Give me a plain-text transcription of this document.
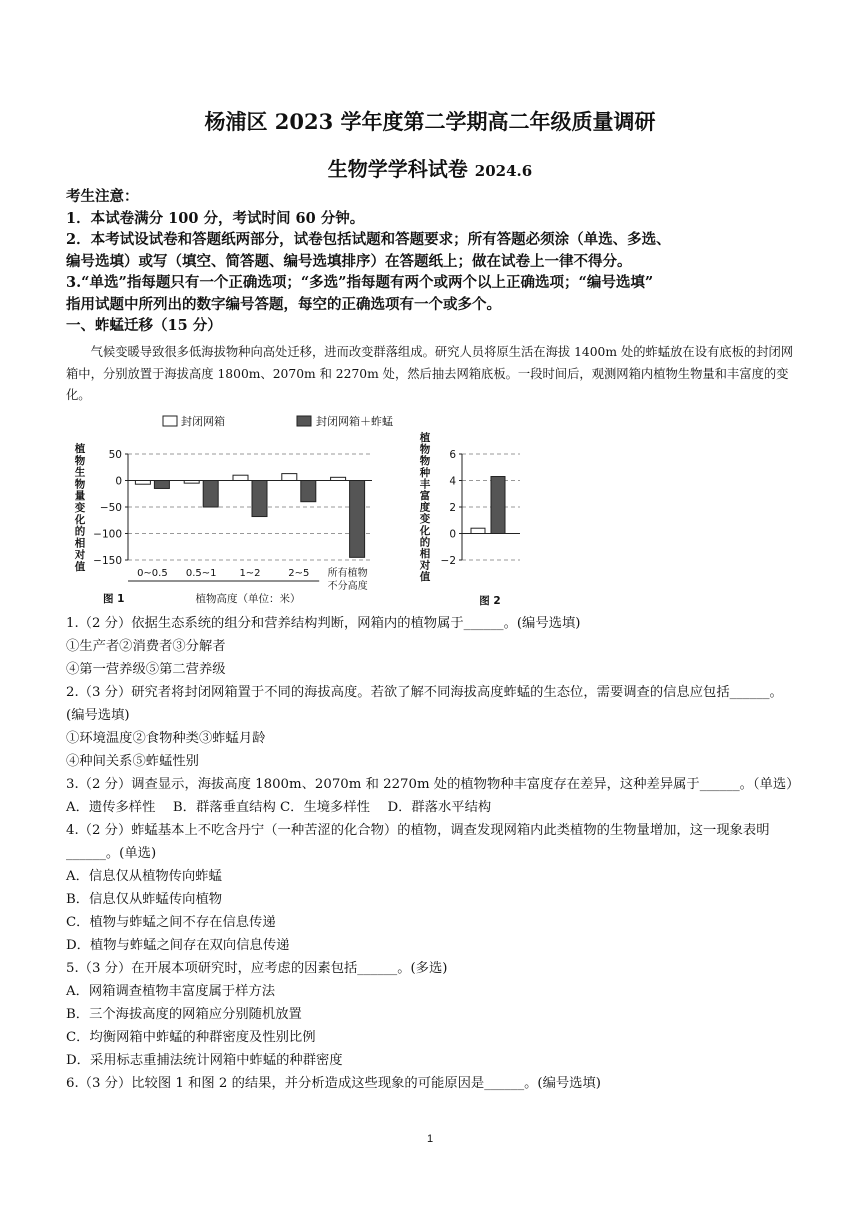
杨浦区 2023 学年度第二学期高二年级质量调研
生物学学科试卷 2024.6

考生注意：

1．本试卷满分 100 分，考试时间 60 分钟。

2．本考试设试卷和答题纸两部分，试卷包括试题和答题要求；所有答题必须涂（单选、多选、

编号选填）或写（填空、简答题、编号选填排序）在答题纸上；做在试卷上一律不得分。

3.“单选”指每题只有一个正确选项；“多选”指每题有两个或两个以上正确选项；“编号选填”

指用试题中所列出的数字编号答题，每空的正确选项有一个或多个。

一、蚱蜢迁移（15 分）

气候变暖导致很多低海拔物种向高处迁移，进而改变群落组成。研究人员将原生活在海拔 1400m 处的蚱蜢放在设有底板的封闭网箱中，分别放置于海拔高度 1800m、2070m 和 2270m 处，然后抽去网箱底板。一段时间后，观测网箱内植物生物量和丰富度的变化。
封闭网箱	封闭网箱＋蚱蜢
50
0
−50
−100
−150
植
物
生
物
量
变
化
的
相
对
值
0~0.5 0.5~1 1~2	2~5 所有植物
不分高度
植物高度（单位：米）
图 1
6
4
2
0
−2
植
物
物
种
丰
富
度
变
化
的
相
对
值
图 2

1.（2 分）依据生态系统的组分和营养结构判断，网箱内的植物属于______。(编号选填)

①生产者②消费者③分解者

④第一营养级⑤第二营养级

2.（3 分）研究者将封闭网箱置于不同的海拔高度。若欲了解不同海拔高度蚱蜢的生态位，需要调查的信息应包括______。(编号选填)

①环境温度②食物种类③蚱蜢月龄

④种间关系⑤蚱蜢性别

3.（2 分）调查显示，海拔高度 1800m、2070m 和 2270m 处的植物物种丰富度存在差异，这种差异属于______。（单选）

A．遗传多样性　 B．群落垂直结构 C．生境多样性　 D．群落水平结构

4.（2 分）蚱蜢基本上不吃含丹宁（一种苦涩的化合物）的植物，调查发现网箱内此类植物的生物量增加，这一现象表明______。(单选)

A．信息仅从植物传向蚱蜢

B．信息仅从蚱蜢传向植物

C．植物与蚱蜢之间不存在信息传递

D．植物与蚱蜢之间存在双向信息传递

5.（3 分）在开展本项研究时，应考虑的因素包括______。(多选)

A．网箱调查植物丰富度属于样方法

B．三个海拔高度的网箱应分别随机放置

C．均衡网箱中蚱蜢的种群密度及性别比例

D．采用标志重捕法统计网箱中蚱蜢的种群密度

6.（3 分）比较图 1 和图 2 的结果，并分析造成这些现象的可能原因是______。(编号选填)

1
